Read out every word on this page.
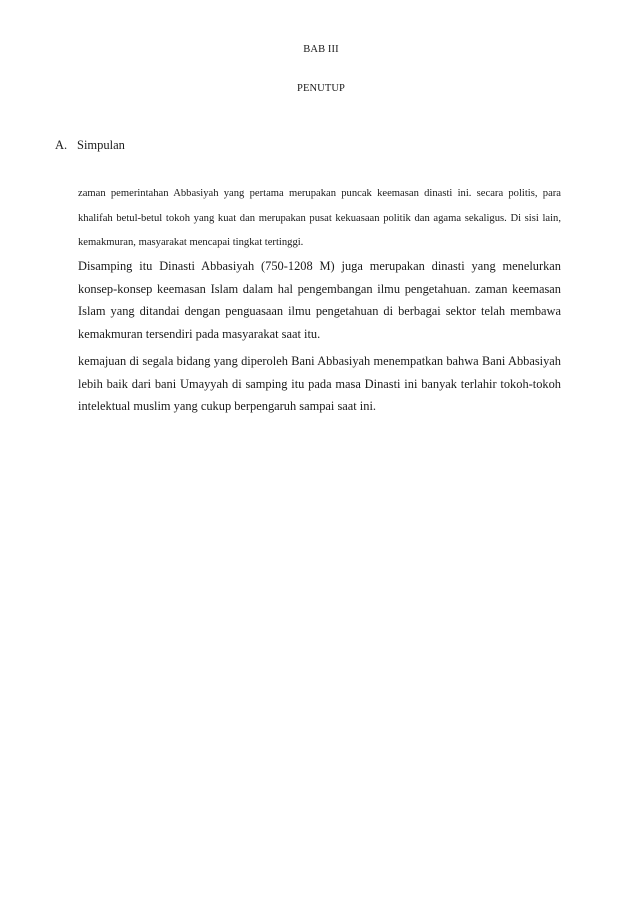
BAB III
PENUTUP
A. Simpulan

zaman pemerintahan Abbasiyah yang pertama merupakan puncak keemasan dinasti ini. secara politis, para khalifah betul-betul tokoh yang kuat dan merupakan pusat kekuasaan politik dan agama sekaligus. Di sisi lain, kemakmuran, masyarakat mencapai tingkat tertinggi.

Disamping itu Dinasti Abbasiyah (750-1208 M) juga merupakan dinasti yang menelurkan konsep-konsep keemasan Islam dalam hal pengembangan ilmu pengetahuan. zaman keemasan Islam yang ditandai dengan penguasaan ilmu pengetahuan di berbagai sektor telah membawa kemakmuran tersendiri pada masyarakat saat itu.

kemajuan di segala bidang yang diperoleh Bani Abbasiyah menempatkan bahwa Bani Abbasiyah lebih baik dari bani Umayyah di samping itu pada masa Dinasti ini banyak terlahir tokoh-tokoh intelektual muslim yang cukup berpengaruh sampai saat ini.
